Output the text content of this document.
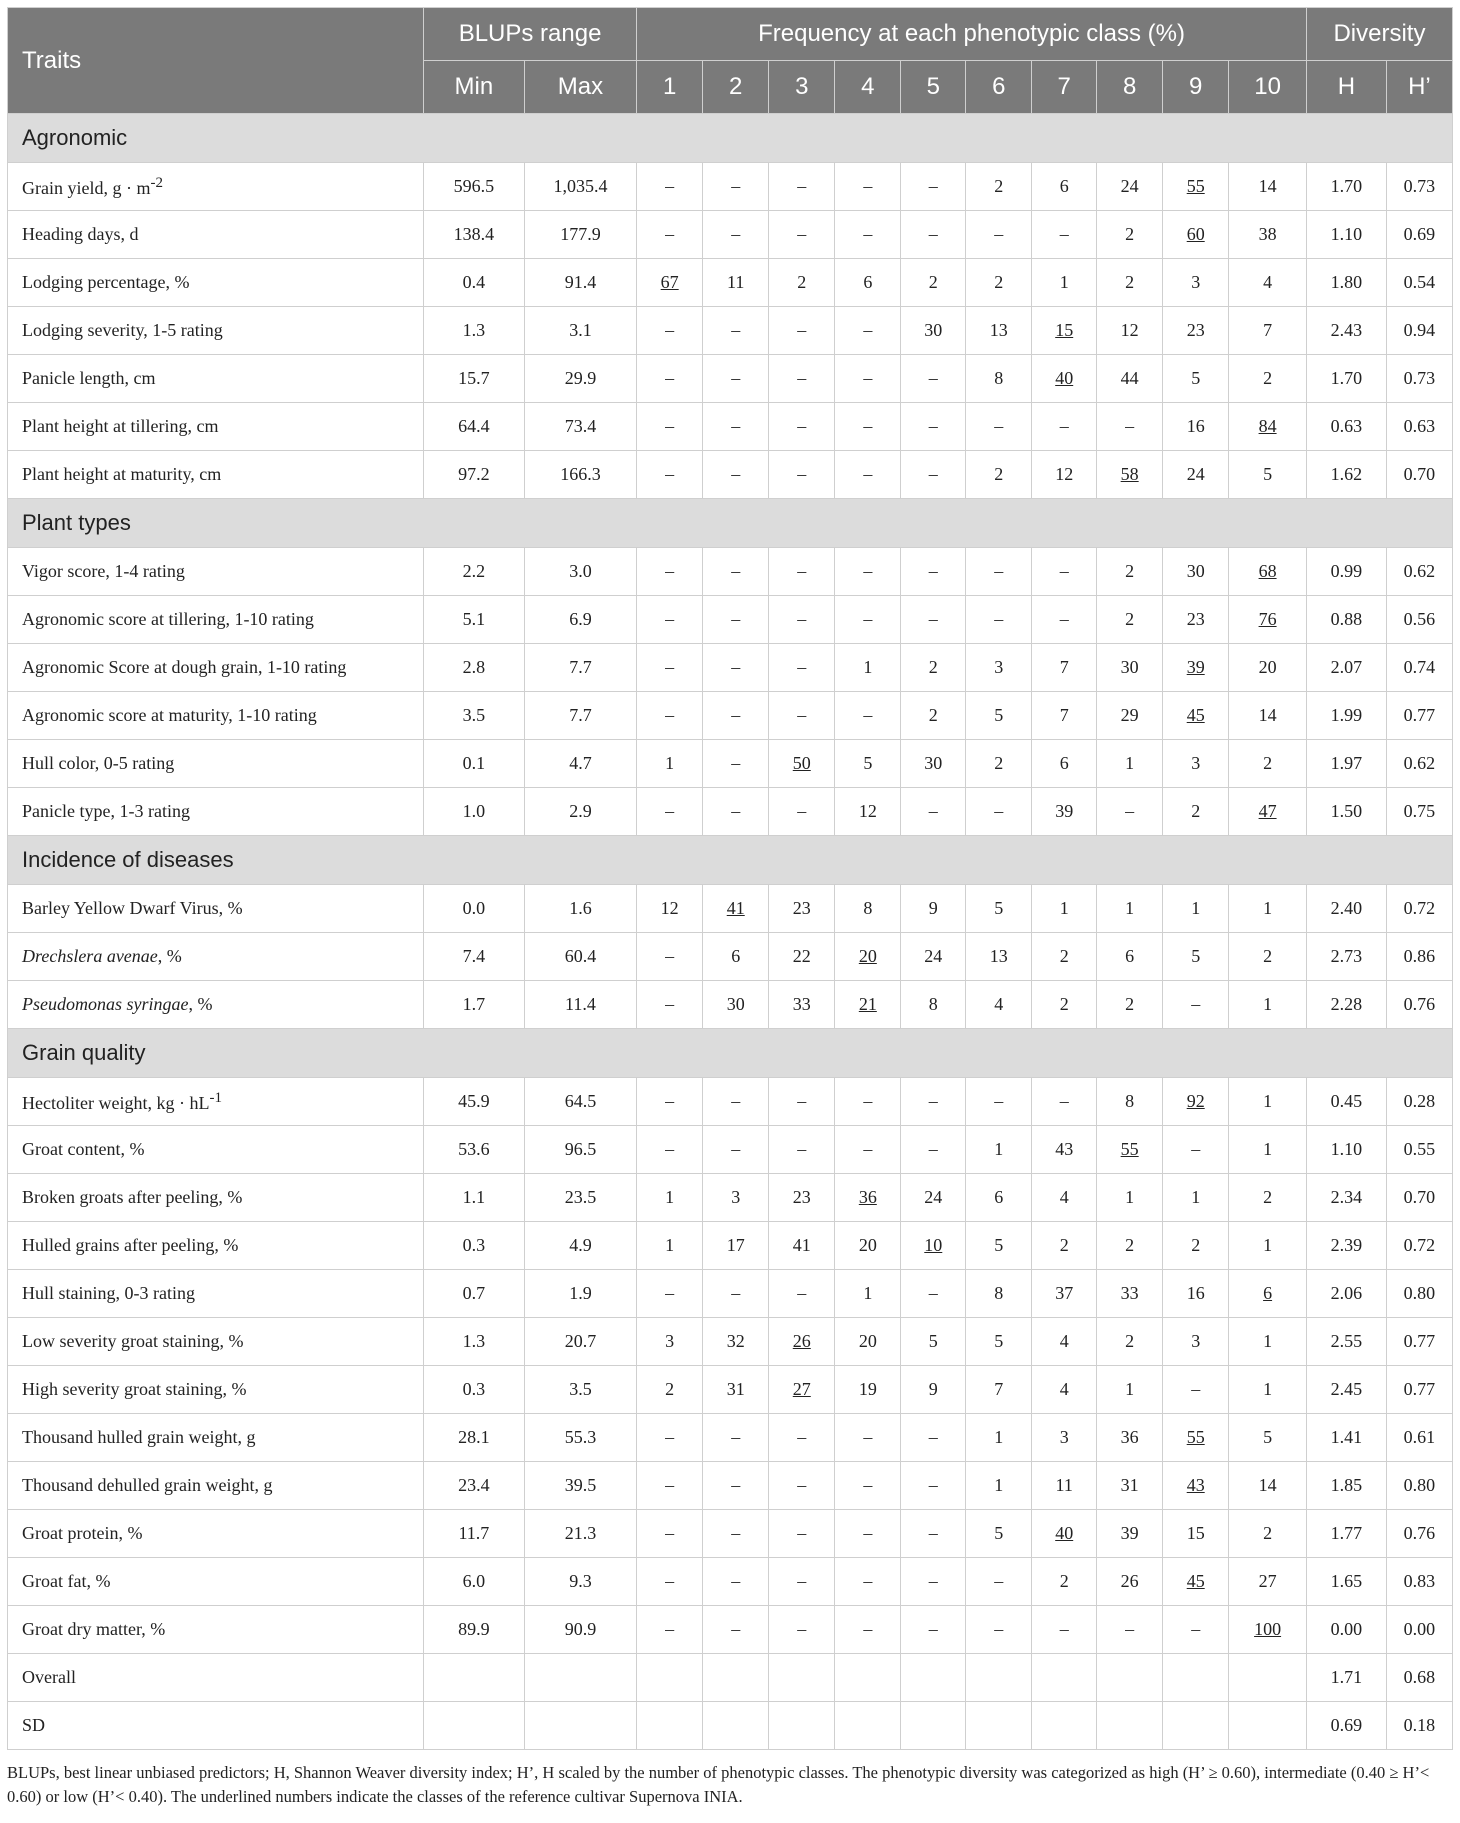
Traits	BLUPs range		Frequency at each phenotypic class (%)										Diversity	
	Min	Max	1	2	3	4	5	6	7	8	9	10	H	H’
Agronomic														
Grain yield, $g \cdot m^{-2}$	596.5	1,035.4	–	–	–	–	–	2	6	24	55	14	1.70	0.73
Heading days, d	138.4	177.9	–	–	–	–	–	–	–	2	60	38	1.10	0.69
Lodging percentage, %	0.4	91.4	67	11	2	6	2	2	1	2	3	4	1.80	0.54
Lodging severity, 1-5 rating	1.3	3.1	–	–	–	–	30	13	15	12	23	7	2.43	0.94
Panicle length, cm	15.7	29.9	–	–	–	–	–	8	40	44	5	2	1.70	0.73
Plant height at tillering, cm	64.4	73.4	–	–	–	–	–	–	–	–	16	84	0.63	0.63
Plant height at maturity, cm	97.2	166.3	–	–	–	–	–	2	12	58	24	5	1.62	0.70
Plant types														
Vigor score, 1-4 rating	2.2	3.0	–	–	–	–	–	–	–	2	30	68	0.99	0.62
Agronomic score at tillering, 1-10 rating	5.1	6.9	–	–	–	–	–	–	–	2	23	76	0.88	0.56
Agronomic Score at dough grain, 1-10 rating	2.8	7.7	–	–	–	1	2	3	7	30	39	20	2.07	0.74
Agronomic score at maturity, 1-10 rating	3.5	7.7	–	–	–	–	2	5	7	29	45	14	1.99	0.77
Hull color, 0-5 rating	0.1	4.7	1	–	50	5	30	2	6	1	3	2	1.97	0.62
Panicle type, 1-3 rating	1.0	2.9	–	–	–	12	–	–	39	–	2	47	1.50	0.75
Incidence of diseases														
Barley Yellow Dwarf Virus, %	0.0	1.6	12	41	23	8	9	5	1	1	1	1	2.40	0.72
Drechslera avenae, %	7.4	60.4	–	6	22	20	24	13	2	6	5	2	2.73	0.86
Pseudomonas syringae, %	1.7	11.4	–	30	33	21	8	4	2	2	–	1	2.28	0.76
Grain quality														
Hectoliter weight, kg · $hL^{-1}$	45.9	64.5	–	–	–	–	–	–	–	8	92	1	0.45	0.28
Groat content, %	53.6	96.5	–	–	–	–	–	1	43	55	–	1	1.10	0.55
Broken groats after peeling, %	1.1	23.5	1	3	23	36	24	6	4	1	1	2	2.34	0.70
Hulled grains after peeling, %	0.3	4.9	1	17	41	20	10	5	2	2	2	1	2.39	0.72
Hull staining, 0-3 rating	0.7	1.9	–	–	–	1	–	8	37	33	16	6	2.06	0.80
Low severity groat staining, %	1.3	20.7	3	32	26	20	5	5	4	2	3	1	2.55	0.77
High severity groat staining, %	0.3	3.5	2	31	27	19	9	7	4	1	–	1	2.45	0.77
Thousand hulled grain weight, g	28.1	55.3	–	–	–	–	–	1	3	36	55	5	1.41	0.61
Thousand dehulled grain weight, g	23.4	39.5	–	–	–	–	–	1	11	31	43	14	1.85	0.80
Groat protein, %	11.7	21.3	–	–	–	–	–	5	40	39	15	2	1.77	0.76
Groat fat, %	6.0	9.3	–	–	–	–	–	–	2	26	45	27	1.65	0.83
Groat dry matter, %	89.9	90.9	–	–	–	–	–	–	–	–	–	100	0.00	0.00
Overall													1.71	0.68
SD													0.69	0.18
BLUPs, best linear unbiased predictors; H, Shannon Weaver diversity index; H’, H scaled by the number of phenotypic classes. The phenotypic diversity was categorized as high (H’ ≥ 0.60), intermediate (0.40 ≥ H’< 0.60) or low (H’< 0.40). The underlined numbers indicate the classes of the reference cultivar Supernova INIA.
